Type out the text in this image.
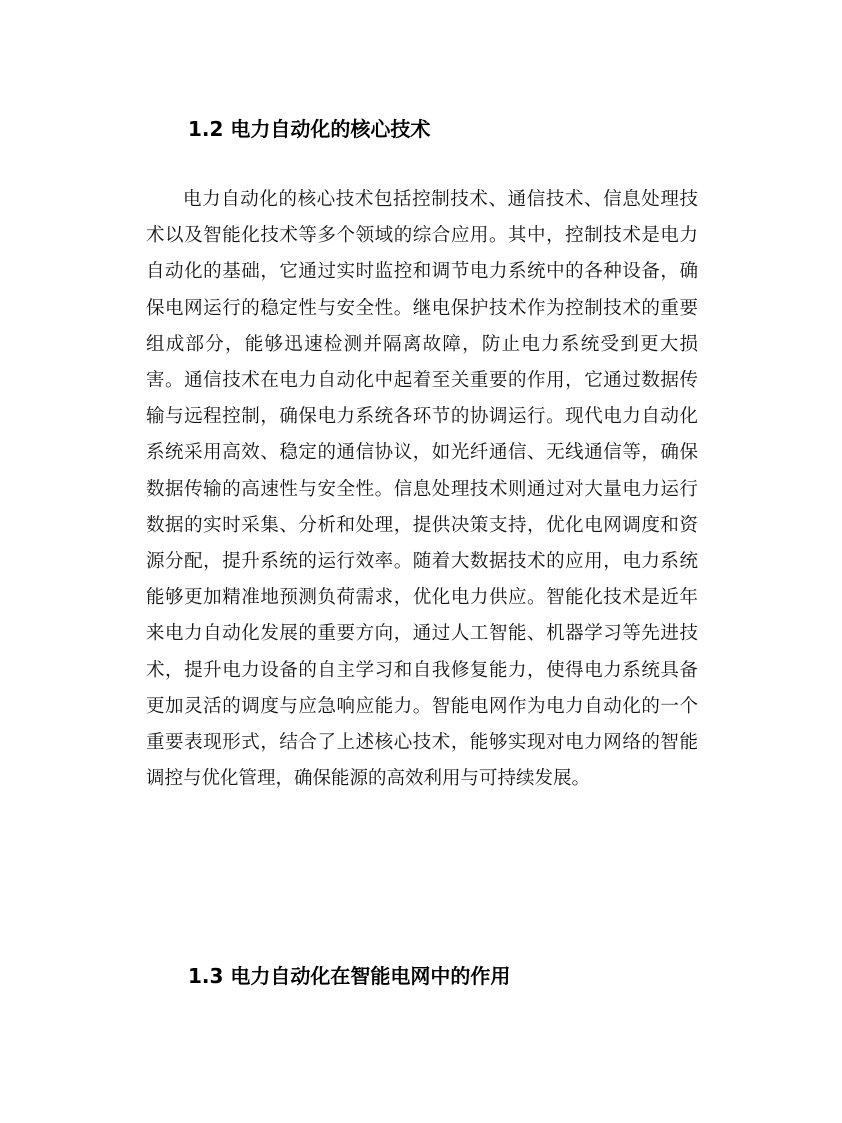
1.2 电力自动化的核心技术

电力自动化的核心技术包括控制技术、通信技术、信息处理技术以及智能化技术等多个领域的综合应用。其中，控制技术是电力自动化的基础，它通过实时监控和调节电力系统中的各种设备，确保电网运行的稳定性与安全性。继电保护技术作为控制技术的重要组成部分，能够迅速检测并隔离故障，防止电力系统受到更大损害。通信技术在电力自动化中起着至关重要的作用，它通过数据传输与远程控制，确保电力系统各环节的协调运行。现代电力自动化系统采用高效、稳定的通信协议，如光纤通信、无线通信等，确保数据传输的高速性与安全性。信息处理技术则通过对大量电力运行数据的实时采集、分析和处理，提供决策支持，优化电网调度和资源分配，提升系统的运行效率。随着大数据技术的应用，电力系统能够更加精准地预测负荷需求，优化电力供应。智能化技术是近年来电力自动化发展的重要方向，通过人工智能、机器学习等先进技术，提升电力设备的自主学习和自我修复能力，使得电力系统具备更加灵活的调度与应急响应能力。智能电网作为电力自动化的一个重要表现形式，结合了上述核心技术，能够实现对电力网络的智能调控与优化管理，确保能源的高效利用与可持续发展。

1.3 电力自动化在智能电网中的作用
